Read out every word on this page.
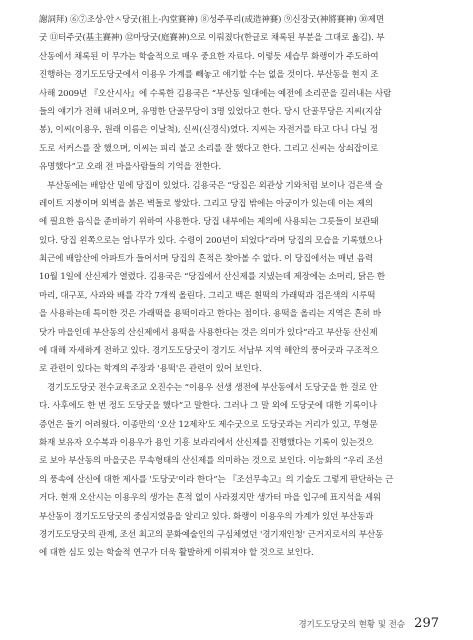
謝詞拜) ⑥⑦조상-안ㅅ당굿(祖上-內堂賽神) ⑧성주푸리(成造神賽) ⑨신장굿(神將賽神) ⑩제면
굿 ⑪터주굿(基主賽神) ⑫마당굿(庭賽神)으로 이뤄졌다(한글로 채록된 부분을 그대로 옮김). 부
산동에서 채록된 이 무가는 학술적으로 매우 중요한 자료다. 이렇듯 세습무 화랭이가 주도하여
진행하는 경기도도당굿에서 이용우 가계를 빼놓고 얘기할 수는 없을 것이다. 부산동을 현지 조
사해 2009년 『오산시사』에 수록한 김용국은 “부산동 일대에는 예전에 소리꾼을 길러내는 사람
들의 얘기가 전해 내려오며, 유명한 단골무당이 3명 있었다고 한다. 당시 단골무당은 지씨(지삼
봉), 이씨(이용우, 원래 이름은 이날척), 신씨(신경식)였다. 지씨는 자전거를 타고 다니 다닐 정
도로 서커스를 잘 했으며, 이씨는 피리 불고 소리를 잘 했다고 한다. 그리고 신씨는 상쇠잡이로
유명했다”고 오래 전 마을사람들의 기억을 전한다.
부산동에는 배암산 밑에 당집이 있었다. 김용국은 “당집은 외관상 기와처럼 보이나 검은색 슬
레이트 지붕이며 외벽을 붉은 벽돌로 쌓았다. 그리고 당집 밖에는 아궁이가 있는데 이는 제의
에 필요한 음식을 준비하기 위하여 사용한다. 당집 내부에는 제의에 사용되는 그릇들이 보관돼
있다. 당집 왼쪽으로는 엄나무가 있다. 수령이 200년이 되었다”라며 당집의 모습을 기록했으나
최근에 배암산에 아파트가 들어서며 당집의 흔적은 찾아볼 수 없다. 이 당집에서는 매년 음력
10월 1일에 산신제가 열렸다. 김용국은 “당집에서 산신제를 지냈는데 제장에는 소머리, 닭은 한
마리, 대구포, 사과와 배를 각각 7개씩 올린다. 그리고 백은 흰떡의 가래떡과 검은색의 시루떡
을 사용하는데 특이한 것은 가래떡을 용떡이라고 한다는 점이다. 용떡을 올리는 지역은 흔히 바
닷가 마을인데 부산동의 산신제에서 용떡을 사용한다는 것은 의미가 있다”라고 부산동 산신제
에 대해 자세하게 전하고 있다. 경기도도당굿이 경기도 서남부 지역 해안의 풍어굿과 구조적으
로 관련이 있다는 학계의 주장과 '용떡'은 관련이 있어 보인다.
경기도도당굿 전수교육조교 오진수는 “이용우 선생 생전에 부산동에서 도당굿을 한 걸로 안
다. 사후에도 한 번 정도 도당굿을 했다”고 말한다. 그러나 그 말 외에 도당굿에 대한 기록이나
증언은 들기 어려웠다. 이종만의 '오산 12제차'도 제수굿으로 도당굿과는 거리가 있고, 무형문
화재 보유자 오수복과 이용우가 용인 기흥 보라리에서 산신제를 진행했다는 기록이 있는것으
로 보아 부산동의 마을굿은 무속형태의 산신제를 의미하는 것으로 보인다. 이능화의 “우리 조선
의 풍속에 산신에 대한 제사를 '도당굿'이라 한다”는 『조선무속고』의 기술도 그렇게 판단하는 근
거다. 현재 오산시는 이용우의 생가는 흔적 없이 사라졌지만 생가터 마을 입구에 표지석을 세워
부산동이 경기도도당굿의 중심지였음을 알리고 있다. 화랭이 이용우의 가계가 있던 부산동과
경기도도당굿의 관계, 조선 최고의 문화예술인의 구심체였던 '경기재인청' 근거지로서의 부산동
에 대한 심도 있는 학술적 연구가 더욱 활발하게 이뤄져야 할 것으로 보인다.
경기도도당굿의 현황 및 전승 297
